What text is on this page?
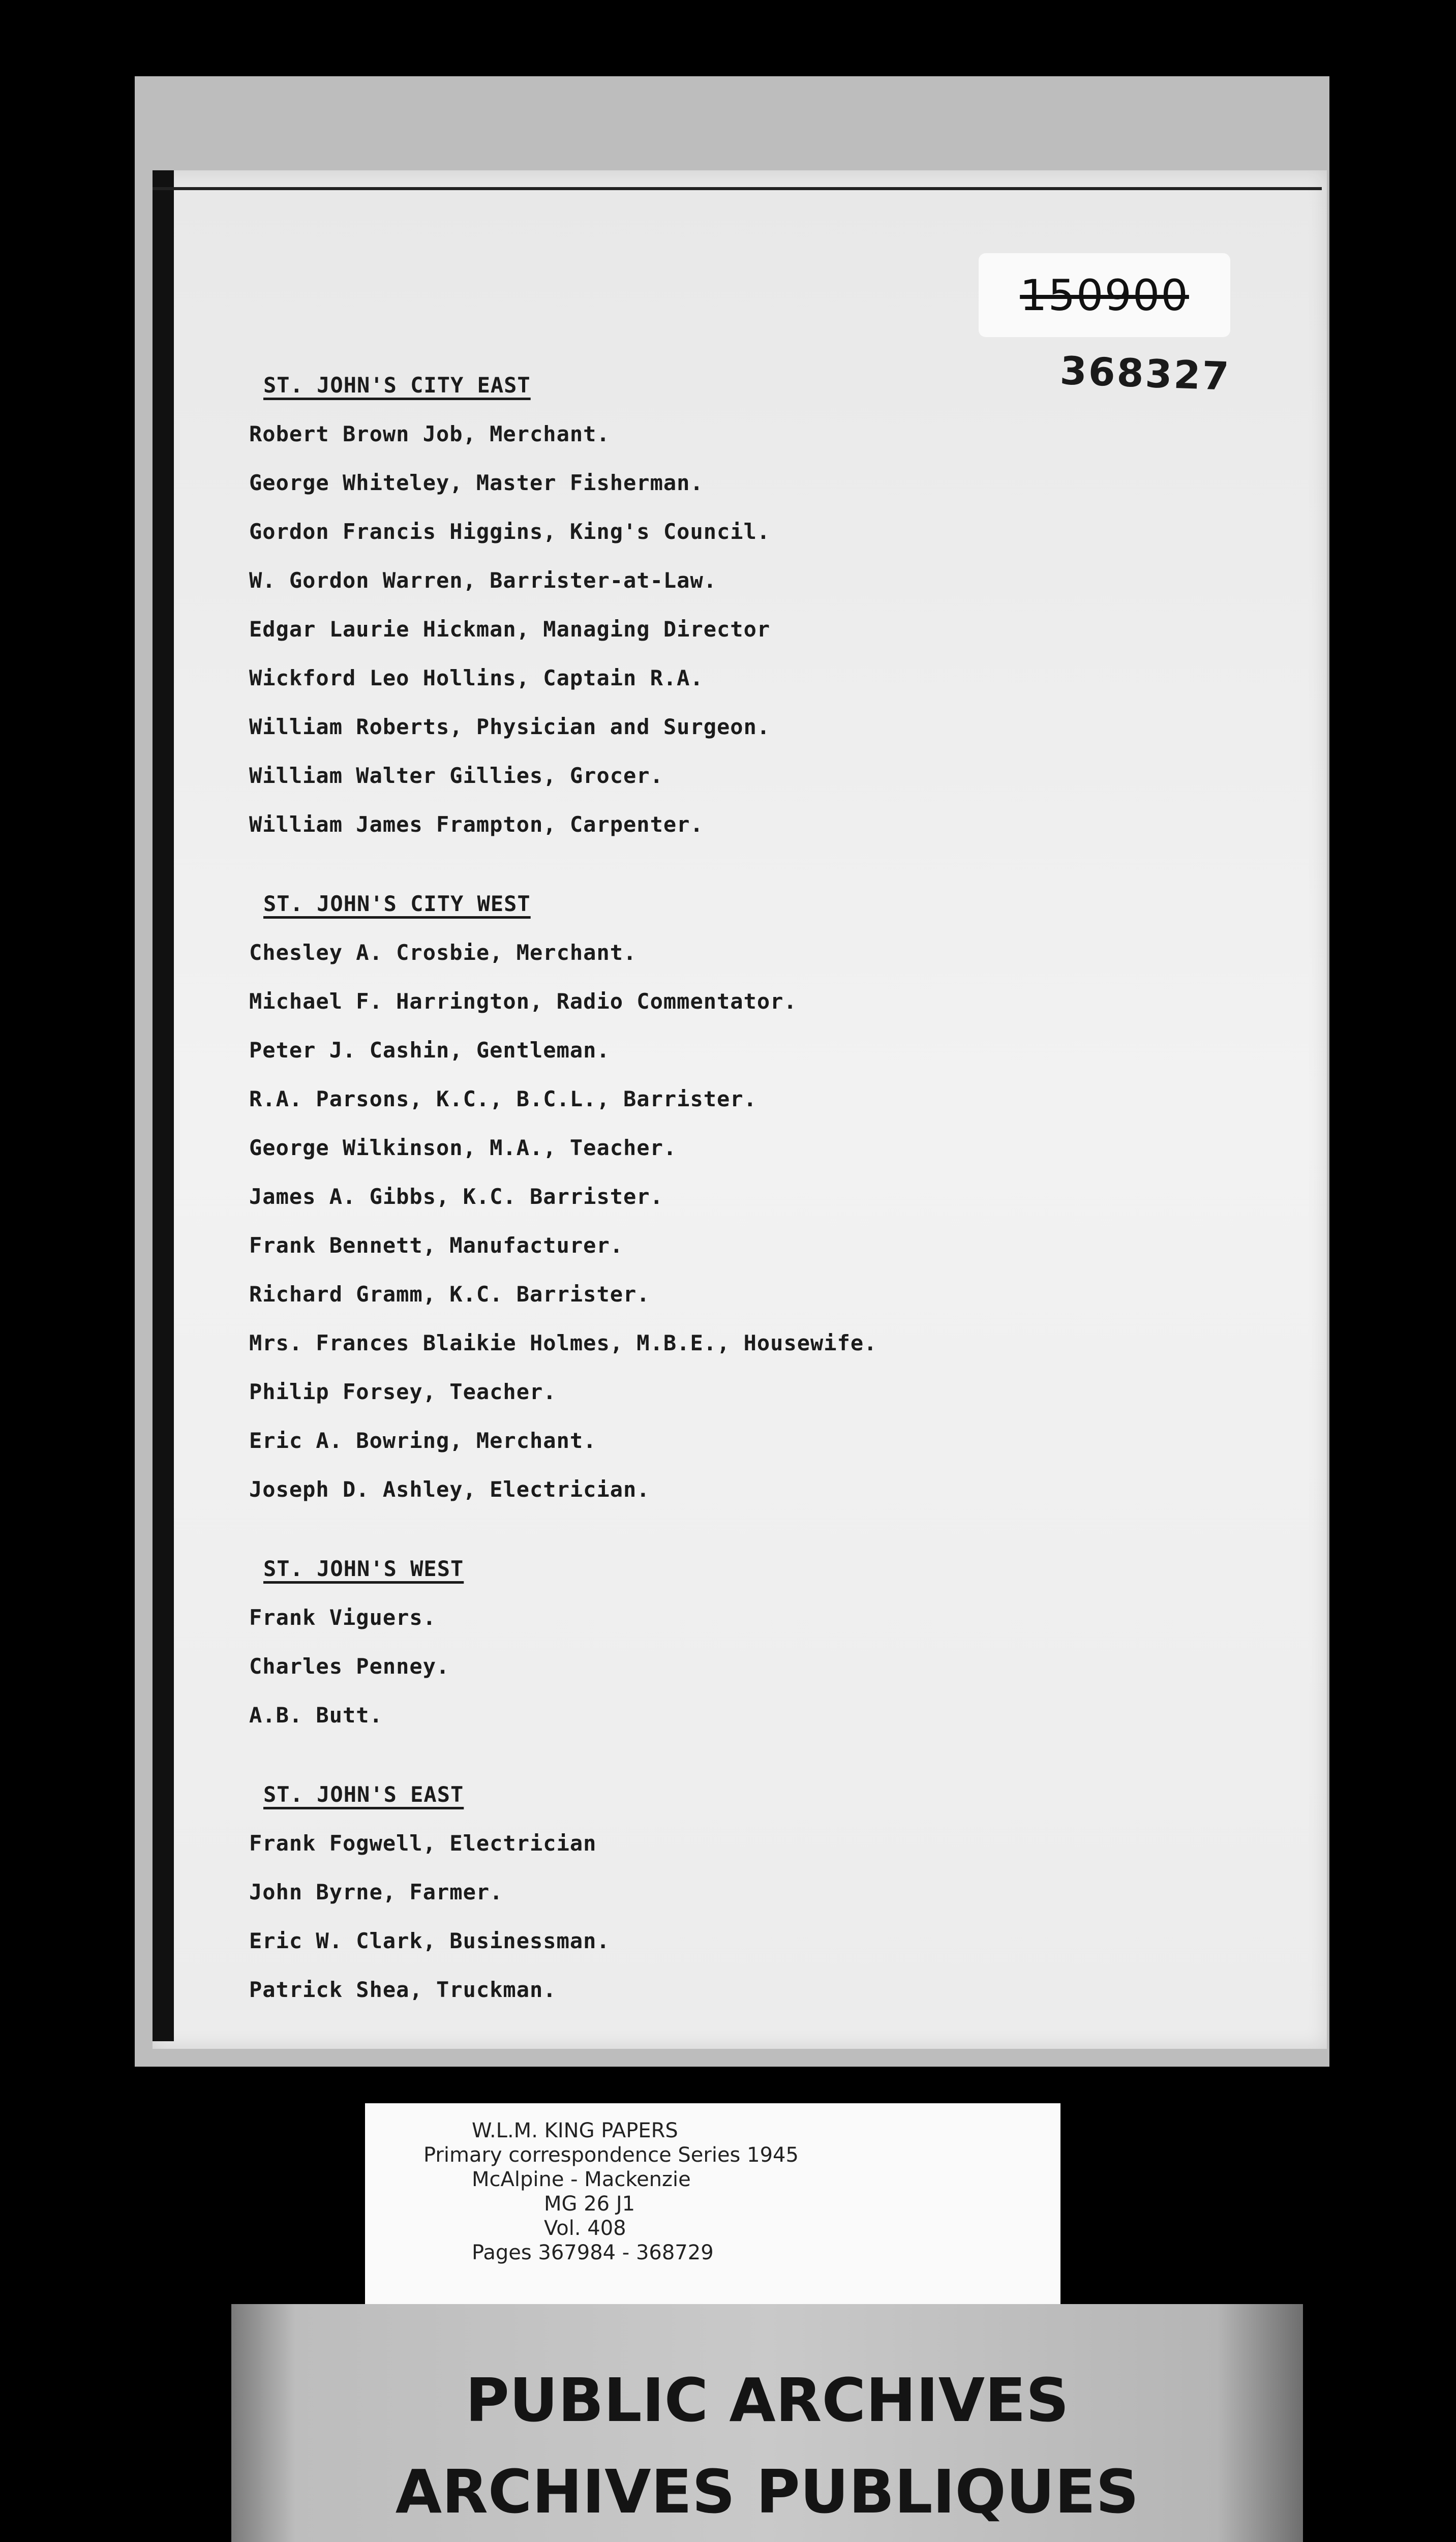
150900
368327
ST. JOHN'S CITY EAST
Robert Brown Job, Merchant.
George Whiteley, Master Fisherman.
Gordon Francis Higgins, King's Council.
W. Gordon Warren, Barrister-at-Law.
Edgar Laurie Hickman, Managing Director
Wickford Leo Hollins, Captain R.A.
William Roberts, Physician and Surgeon.
William Walter Gillies, Grocer.
William James Frampton, Carpenter.
ST. JOHN'S CITY WEST
Chesley A. Crosbie, Merchant.
Michael F. Harrington, Radio Commentator.
Peter J. Cashin, Gentleman.
R.A. Parsons, K.C., B.C.L., Barrister.
George Wilkinson, M.A., Teacher.
James A. Gibbs, K.C. Barrister.
Frank Bennett, Manufacturer.
Richard Gramm, K.C. Barrister.
Mrs. Frances Blaikie Holmes, M.B.E., Housewife.
Philip Forsey, Teacher.
Eric A. Bowring, Merchant.
Joseph D. Ashley, Electrician.
ST. JOHN'S WEST
Frank Viguers.
Charles Penney.
A.B. Butt.
ST. JOHN'S EAST
Frank Fogwell, Electrician
John Byrne, Farmer.
Eric W. Clark, Businessman.
Patrick Shea, Truckman.
W.L.M. KING PAPERS
Primary correspondence Series 1945
McAlpine - Mackenzie
MG 26 J1
Vol. 408
Pages 367984 - 368729
PUBLIC ARCHIVES
ARCHIVES PUBLIQUES
